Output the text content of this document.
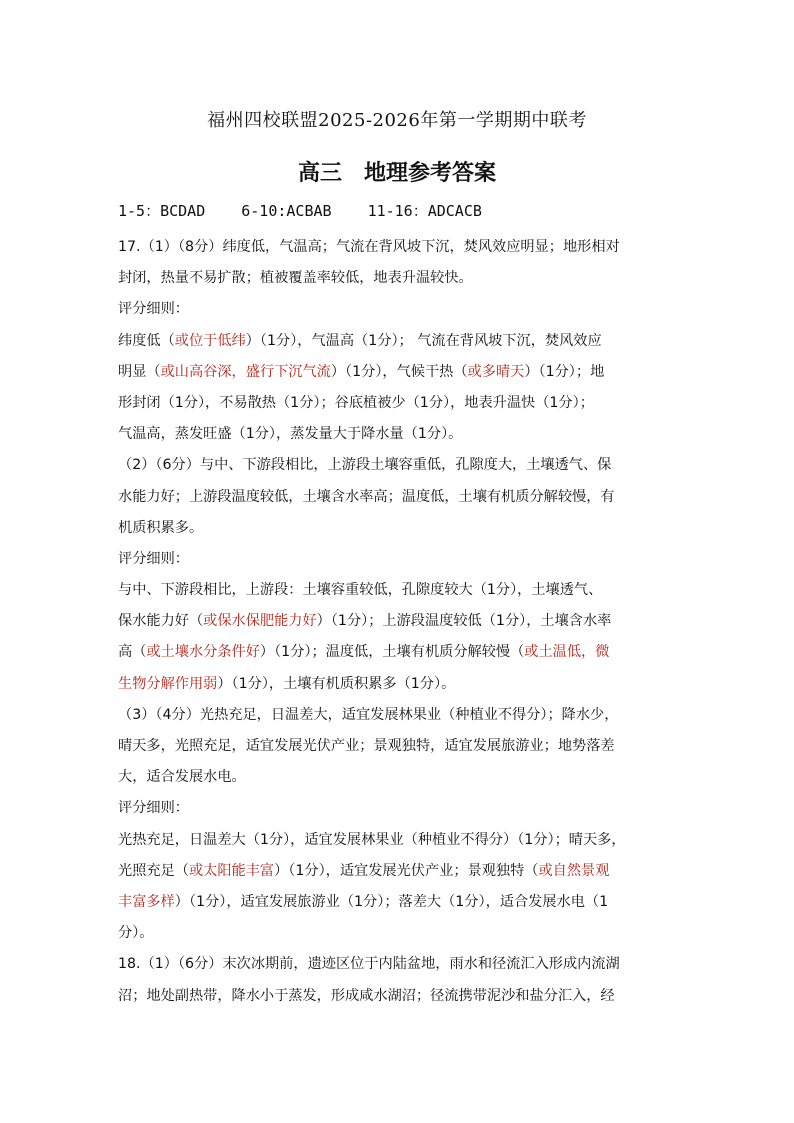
福州四校联盟2025-2026年第一学期期中联考
高三　地理参考答案
1-5：BCDAD 6-10:ACBAB 11-16：ADCACB
17.（1）（8分）纬度低，气温高；气流在背风坡下沉，焚风效应明显；地形相对
封闭，热量不易扩散；植被覆盖率较低，地表升温较快。
评分细则：
纬度低（或位于低纬）（1分），气温高（1分）； 气流在背风坡下沉，焚风效应
明显（或山高谷深，盛行下沉气流）（1分），气候干热（或多晴天）（1分）；地
形封闭（1分），不易散热（1分）；谷底植被少（1分），地表升温快（1分）；
气温高，蒸发旺盛（1分），蒸发量大于降水量（1分）。
（2）（6分）与中、下游段相比，上游段土壤容重低，孔隙度大，土壤透气、保
水能力好；上游段温度较低，土壤含水率高；温度低，土壤有机质分解较慢，有
机质积累多。
评分细则：
与中、下游段相比，上游段：土壤容重较低，孔隙度较大（1分），土壤透气、
保水能力好（或保水保肥能力好）（1分）；上游段温度较低（1分），土壤含水率
高（或土壤水分条件好）（1分）；温度低，土壤有机质分解较慢（或土温低，微
生物分解作用弱）（1分），土壤有机质积累多（1分）。
（3）（4分）光热充足，日温差大，适宜发展林果业（种植业不得分）；降水少，
晴天多，光照充足，适宜发展光伏产业；景观独特，适宜发展旅游业；地势落差
大，适合发展水电。
评分细则：
光热充足，日温差大（1分），适宜发展林果业（种植业不得分）（1分）；晴天多，
光照充足（或太阳能丰富）（1分），适宜发展光伏产业；景观独特（或自然景观
丰富多样）（1分），适宜发展旅游业（1分）；落差大（1分），适合发展水电（1
分）。
18.（1）（6分）末次冰期前，遗迹区位于内陆盆地，雨水和径流汇入形成内流湖
沼；地处副热带，降水小于蒸发，形成咸水湖沼；径流携带泥沙和盐分汇入，经
